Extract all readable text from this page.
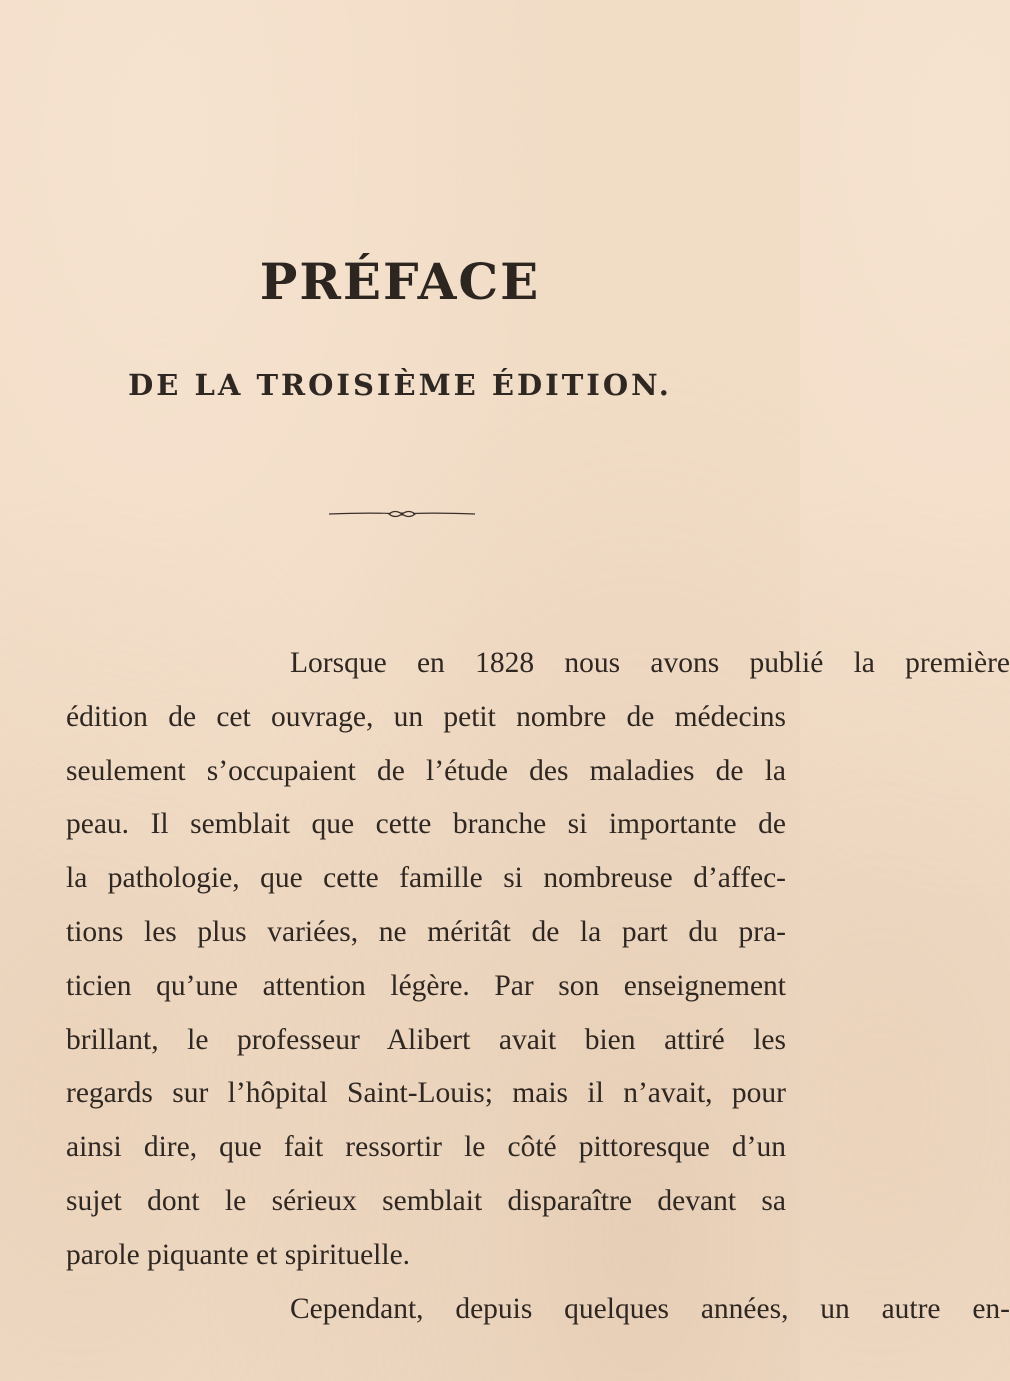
PRÉFACE
DE LA TROISIÈME ÉDITION.
Lorsque en 1828 nous avons publié la première
édition de cet ouvrage, un petit nombre de médecins
seulement s’occupaient de l’étude des maladies de la
peau. Il semblait que cette branche si importante de
la pathologie, que cette famille si nombreuse d’affec-
tions les plus variées, ne méritât de la part du pra-
ticien qu’une attention légère. Par son enseignement
brillant, le professeur Alibert avait bien attiré les
regards sur l’hôpital Saint-Louis; mais il n’avait, pour
ainsi dire, que fait ressortir le côté pittoresque d’un
sujet dont le sérieux semblait disparaître devant sa
parole piquante et spirituelle.
Cependant, depuis quelques années, un autre en-
